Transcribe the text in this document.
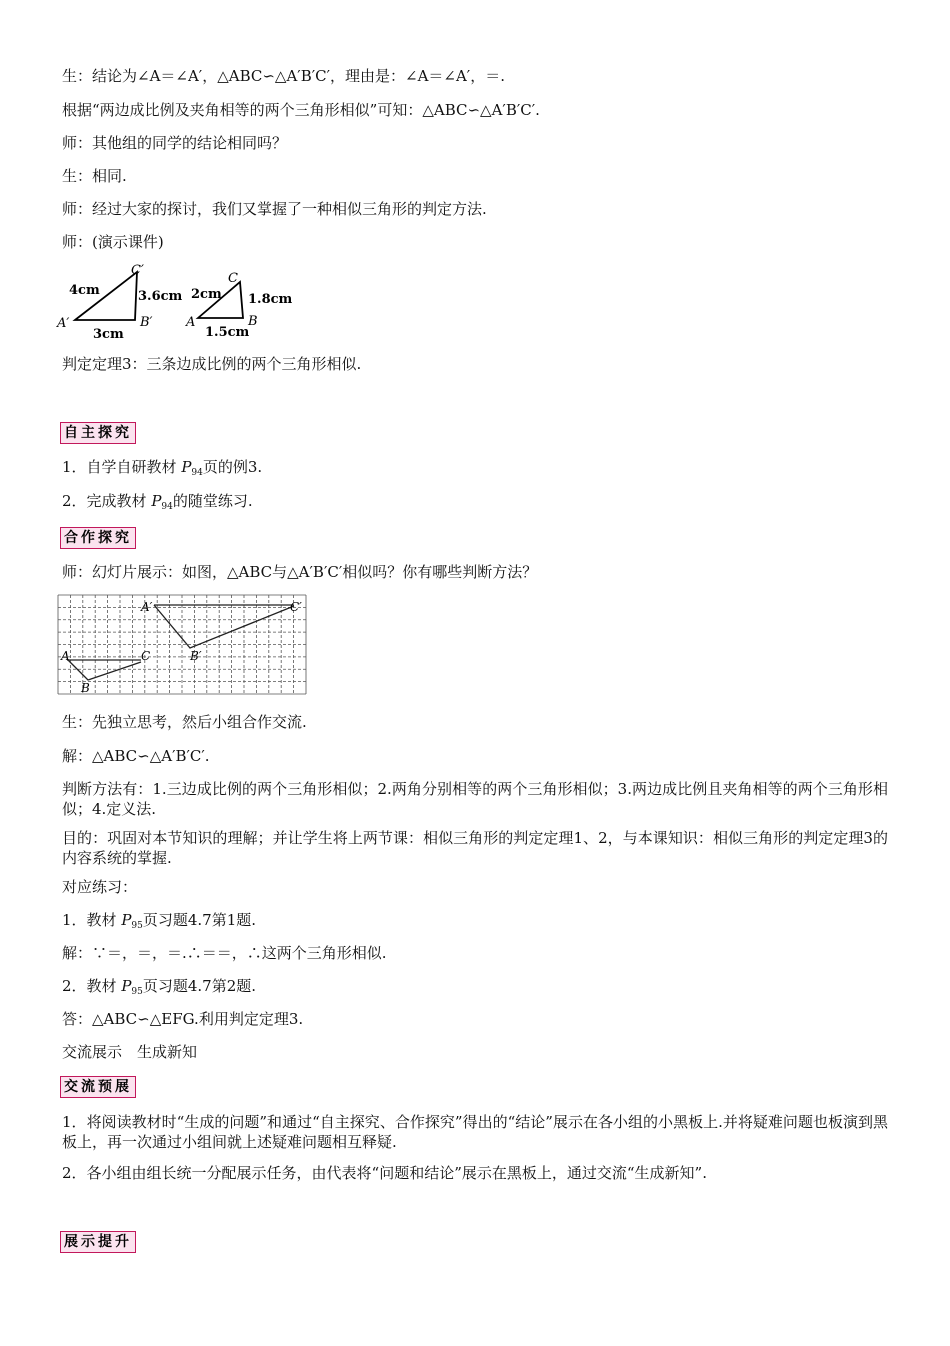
生：结论为∠A＝∠A′，△ABC∽△A′B′C′，理由是：∠A＝∠A′，＝.
根据“两边成比例及夹角相等的两个三角形相似”可知：△ABC∽△A′B′C′.
师：其他组的同学的结论相同吗？
生：相同.
师：经过大家的探讨，我们又掌握了一种相似三角形的判定方法.
师：(演示课件)
C′
A′	B′
4cm	3.6cm
3cm
C
A	B
2cm 1.8cm
1.5cm
判定定理3：三条边成比例的两个三角形相似.
自主探究
1．自学自研教材 $P_{94}$页的例3.
2．完成教材 $P_{94}$的随堂练习.
合作探究
师：幻灯片展示：如图，△ABC与△A′B′C′相似吗？你有哪些判断方法？
A′	C′
B′
A	C
B
生：先独立思考，然后小组合作交流.
解：△ABC∽△A′B′C′.
判断方法有：1.三边成比例的两个三角形相似；2.两角分别相等的两个三角形相似；3.两边成比例且夹角相等的两个三角形相似；4.定义法.
目的：巩固对本节知识的理解；并让学生将上两节课：相似三角形的判定定理1、2，与本课知识：相似三角形的判定定理3的内容系统的掌握.
对应练习：
1．教材 $P_{95}$页习题4.7第1题.
解：∵＝，＝，＝.∴＝＝，∴这两个三角形相似.
2．教材 $P_{95}$页习题4.7第2题.
答：△ABC∽△EFG.利用判定定理3.
交流展示　生成新知
交流预展
1．将阅读教材时“生成的问题”和通过“自主探究、合作探究”得出的“结论”展示在各小组的小黑板上.并将疑难问题也板演到黑板上，再一次通过小组间就上述疑难问题相互释疑.
2．各小组由组长统一分配展示任务，由代表将“问题和结论”展示在黑板上，通过交流“生成新知”.
展示提升
